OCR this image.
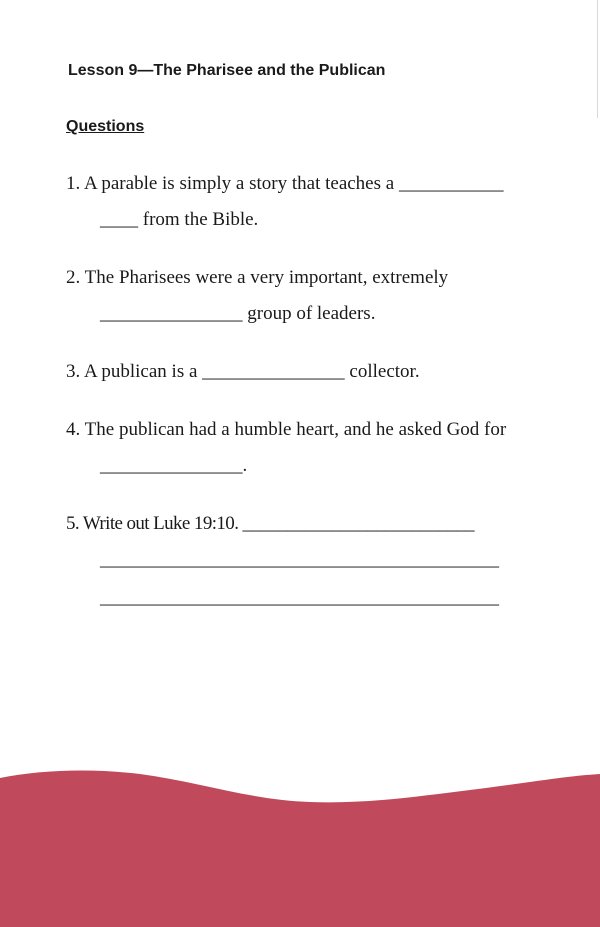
Lesson 9—The Pharisee and the Publican
Questions
1. A parable is simply a story that teaches a ___________
____ from the Bible.
2. The Pharisees were a very important, extremely
_______________ group of leaders.
3. A publican is a _______________ collector.
4. The publican had a humble heart, and he asked God for
_______________.
5. Write out Luke 19:10. __________________________
__________________________________________
__________________________________________
